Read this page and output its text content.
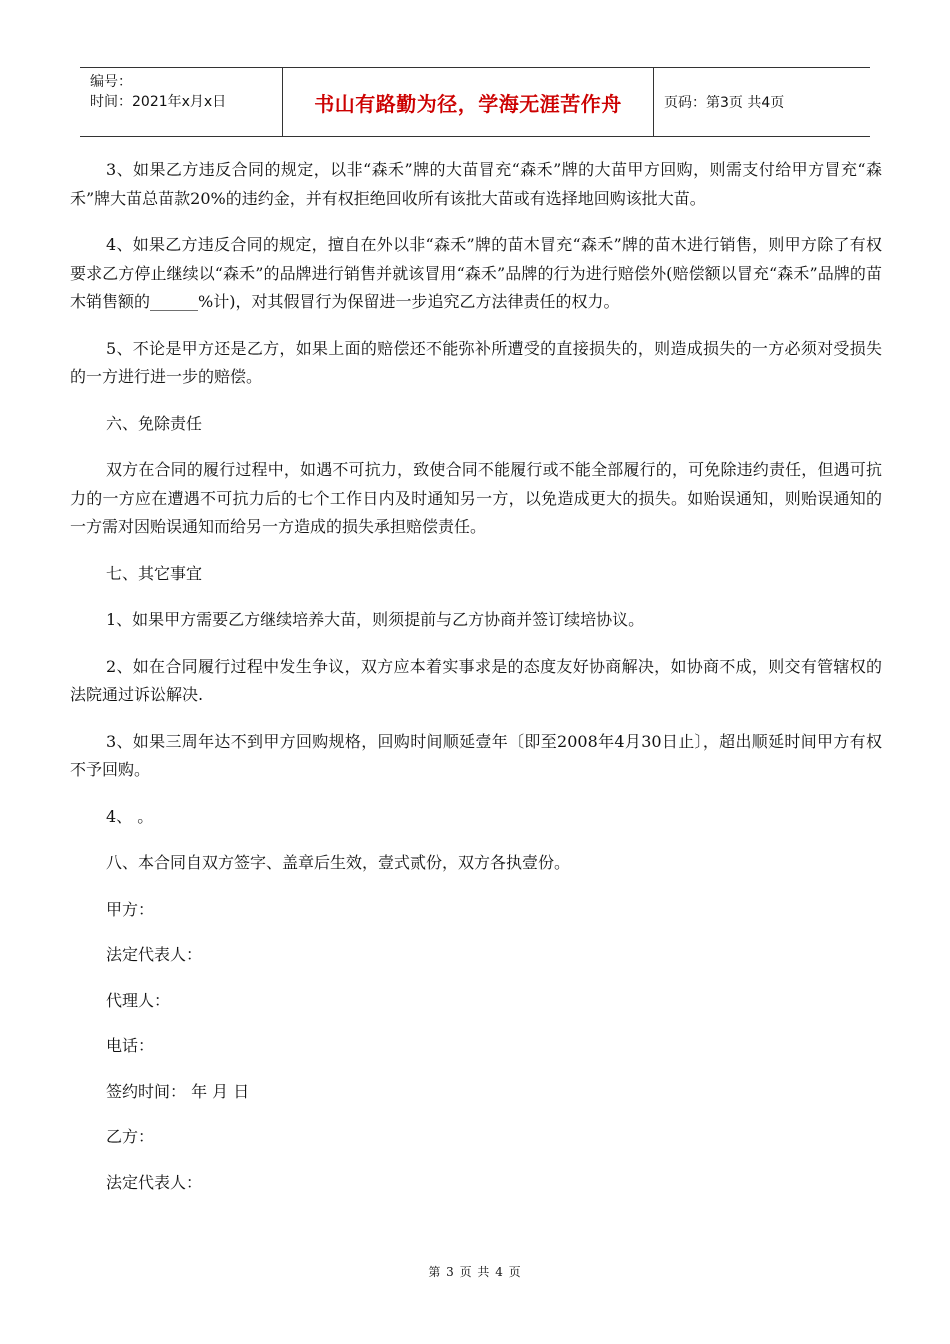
编号：
时间：2021年x月x日	书山有路勤为径，学海无涯苦作舟	页码：第3页 共4页

3、如果乙方违反合同的规定，以非“森禾”牌的大苗冒充“森禾”牌的大苗甲方回购，则需支付给甲方冒充“森禾”牌大苗总苗款20%的违约金，并有权拒绝回收所有该批大苗或有选择地回购该批大苗。

4、如果乙方违反合同的规定，擅自在外以非“森禾”牌的苗木冒充“森禾”牌的苗木进行销售，则甲方除了有权要求乙方停止继续以“森禾”的品牌进行销售并就该冒用“森禾”品牌的行为进行赔偿外(赔偿额以冒充“森禾”品牌的苗木销售额的______%计)，对其假冒行为保留进一步追究乙方法律责任的权力。

5、不论是甲方还是乙方，如果上面的赔偿还不能弥补所遭受的直接损失的，则造成损失的一方必须对受损失的一方进行进一步的赔偿。

六、免除责任

双方在合同的履行过程中，如遇不可抗力，致使合同不能履行或不能全部履行的，可免除违约责任，但遇可抗力的一方应在遭遇不可抗力后的七个工作日内及时通知另一方，以免造成更大的损失。如贻误通知，则贻误通知的一方需对因贻误通知而给另一方造成的损失承担赔偿责任。

七、其它事宜

1、如果甲方需要乙方继续培养大苗，则须提前与乙方协商并签订续培协议。

2、如在合同履行过程中发生争议，双方应本着实事求是的态度友好协商解决，如协商不成，则交有管辖权的法院通过诉讼解决.

3、如果三周年达不到甲方回购规格，回购时间顺延壹年〔即至2008年4月30日止〕，超出顺延时间甲方有权不予回购。

4、 。

八、本合同自双方签字、盖章后生效，壹式贰份，双方各执壹份。

甲方：

法定代表人：

代理人：

电话：

签约时间： 年 月 日

乙方：

法定代表人：

第 3 页 共 4 页
